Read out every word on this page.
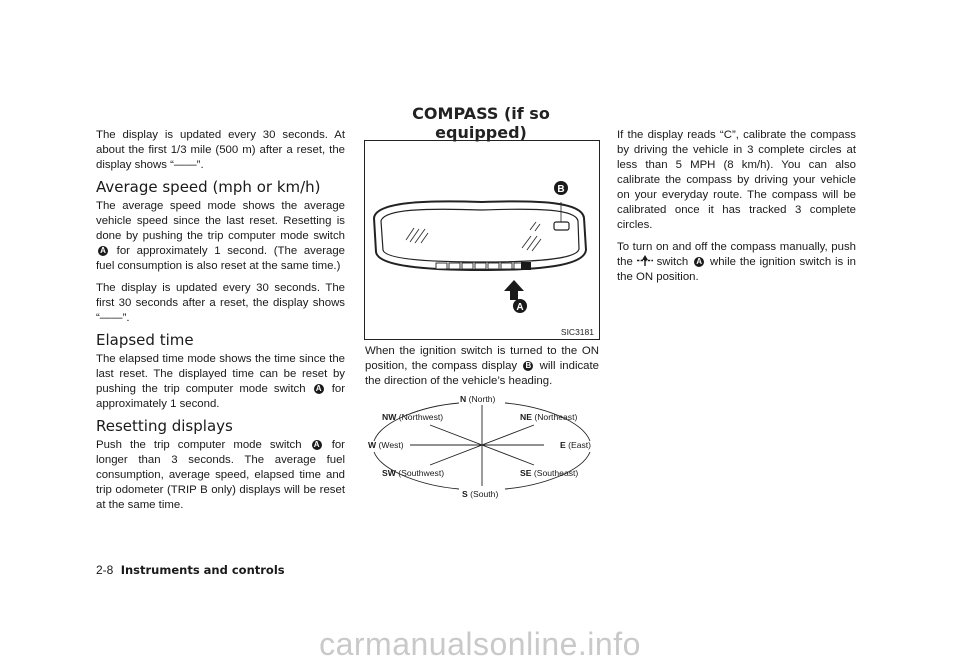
COMPASS (if so equipped)

The display is updated every 30 seconds. At about the first 1/3 mile (500 m) after a reset, the display shows “——”.

Average speed (mph or km/h)

The average speed mode shows the average vehicle speed since the last reset. Resetting is done by pushing the trip computer mode switch A for approximately 1 second. (The average fuel consumption is also reset at the same time.)

The display is updated every 30 seconds. The first 30 seconds after a reset, the display shows “——”.

Elapsed time

The elapsed time mode shows the time since the last reset. The displayed time can be reset by pushing the trip computer mode switch A for approximately 1 second.

Resetting displays

Push the trip computer mode switch A for longer than 3 seconds. The average fuel consumption, average speed, elapsed time and trip odometer (TRIP B only) displays will be reset at the same time.

B
A
SIC3181

When the ignition switch is turned to the ON position, the compass display B will indicate the direction of the vehicle’s heading.

N (North)
NW (Northwest)	NE (Northeast)
W (West)	E (East)
SW (Southwest)	SE (Southeast)
S (South)

If the display reads “C”, calibrate the compass by driving the vehicle in 3 complete circles at less than 5 MPH (8 km/h). You can also calibrate the compass by driving your vehicle on your everyday route. The compass will be calibrated once it has tracked 3 complete circles.

To turn on and off the compass manually, push the switch A while the ignition switch is in the ON position.

2-8 Instruments and controls
carmanualsonline.info
